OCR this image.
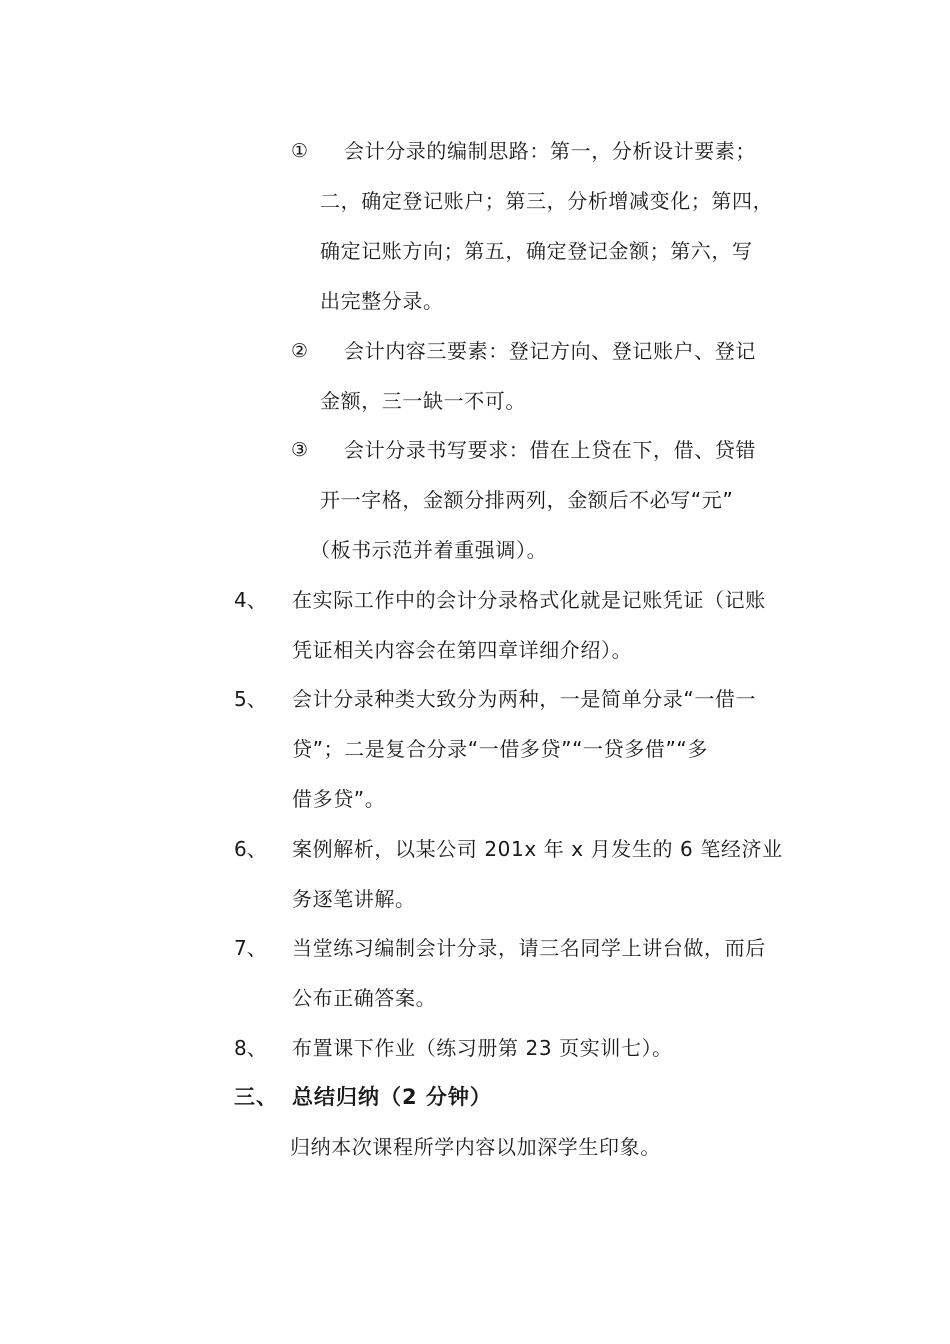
① 会计分录的编制思路：第一，分析设计要素；
二，确定登记账户；第三，分析增减变化；第四，
确定记账方向；第五，确定登记金额；第六，写
出完整分录。
② 会计内容三要素：登记方向、登记账户、登记
金额，三一缺一不可。
③ 会计分录书写要求：借在上贷在下，借、贷错
开一字格，金额分排两列，金额后不必写“元”
（板书示范并着重强调）。
4、 在实际工作中的会计分录格式化就是记账凭证（记账
凭证相关内容会在第四章详细介绍）。
5、 会计分录种类大致分为两种，一是简单分录“一借一
贷”；二是复合分录“一借多贷”“一贷多借”“多
借多贷”。
6、 案例解析，以某公司 201x 年 x 月发生的 6 笔经济业
务逐笔讲解。
7、 当堂练习编制会计分录，请三名同学上讲台做，而后
公布正确答案。
8、 布置课下作业（练习册第 23 页实训七）。
三、 总结归纳（2 分钟）
归纳本次课程所学内容以加深学生印象。
